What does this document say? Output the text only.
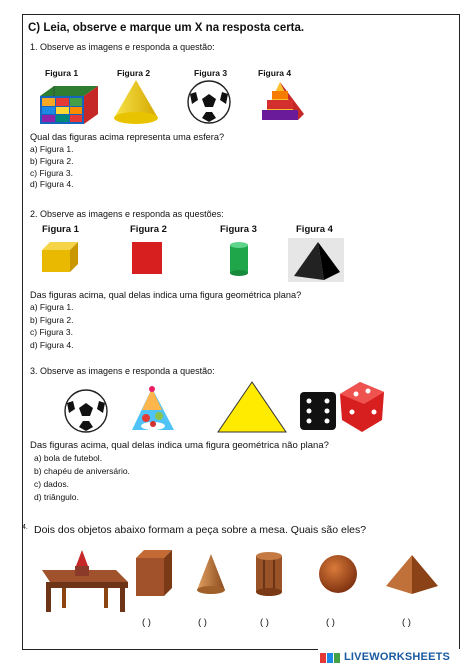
C) Leia, observe e marque um X na resposta certa.
1. Observe as imagens e responda a questão:
Figura 1	Figura 2	Figura 3	Figura 4
Qual das figuras acima representa uma esfera?
a) Figura 1.
b) Figura 2.
c) Figura 3.
d) Figura 4.
2. Observe as imagens e responda as questões:
Figura 1	Figura 2	Figura 3	Figura 4
Das figuras acima, qual delas indica uma figura geométrica plana?
a) Figura 1.
b) Figura 2.
c) Figura 3.
d) Figura 4.
3. Observe as imagens e responda a questão:
Das figuras acima, qual delas indica uma figura geométrica não plana?
a) bola de futebol.
b) chapéu de aniversário.
c) dados.
d) triângulo.
4. Dois dos objetos abaixo formam a peça sobre a mesa. Quais são eles?
( )	( )	( )	( )	( )
LIVEWORKSHEETS
